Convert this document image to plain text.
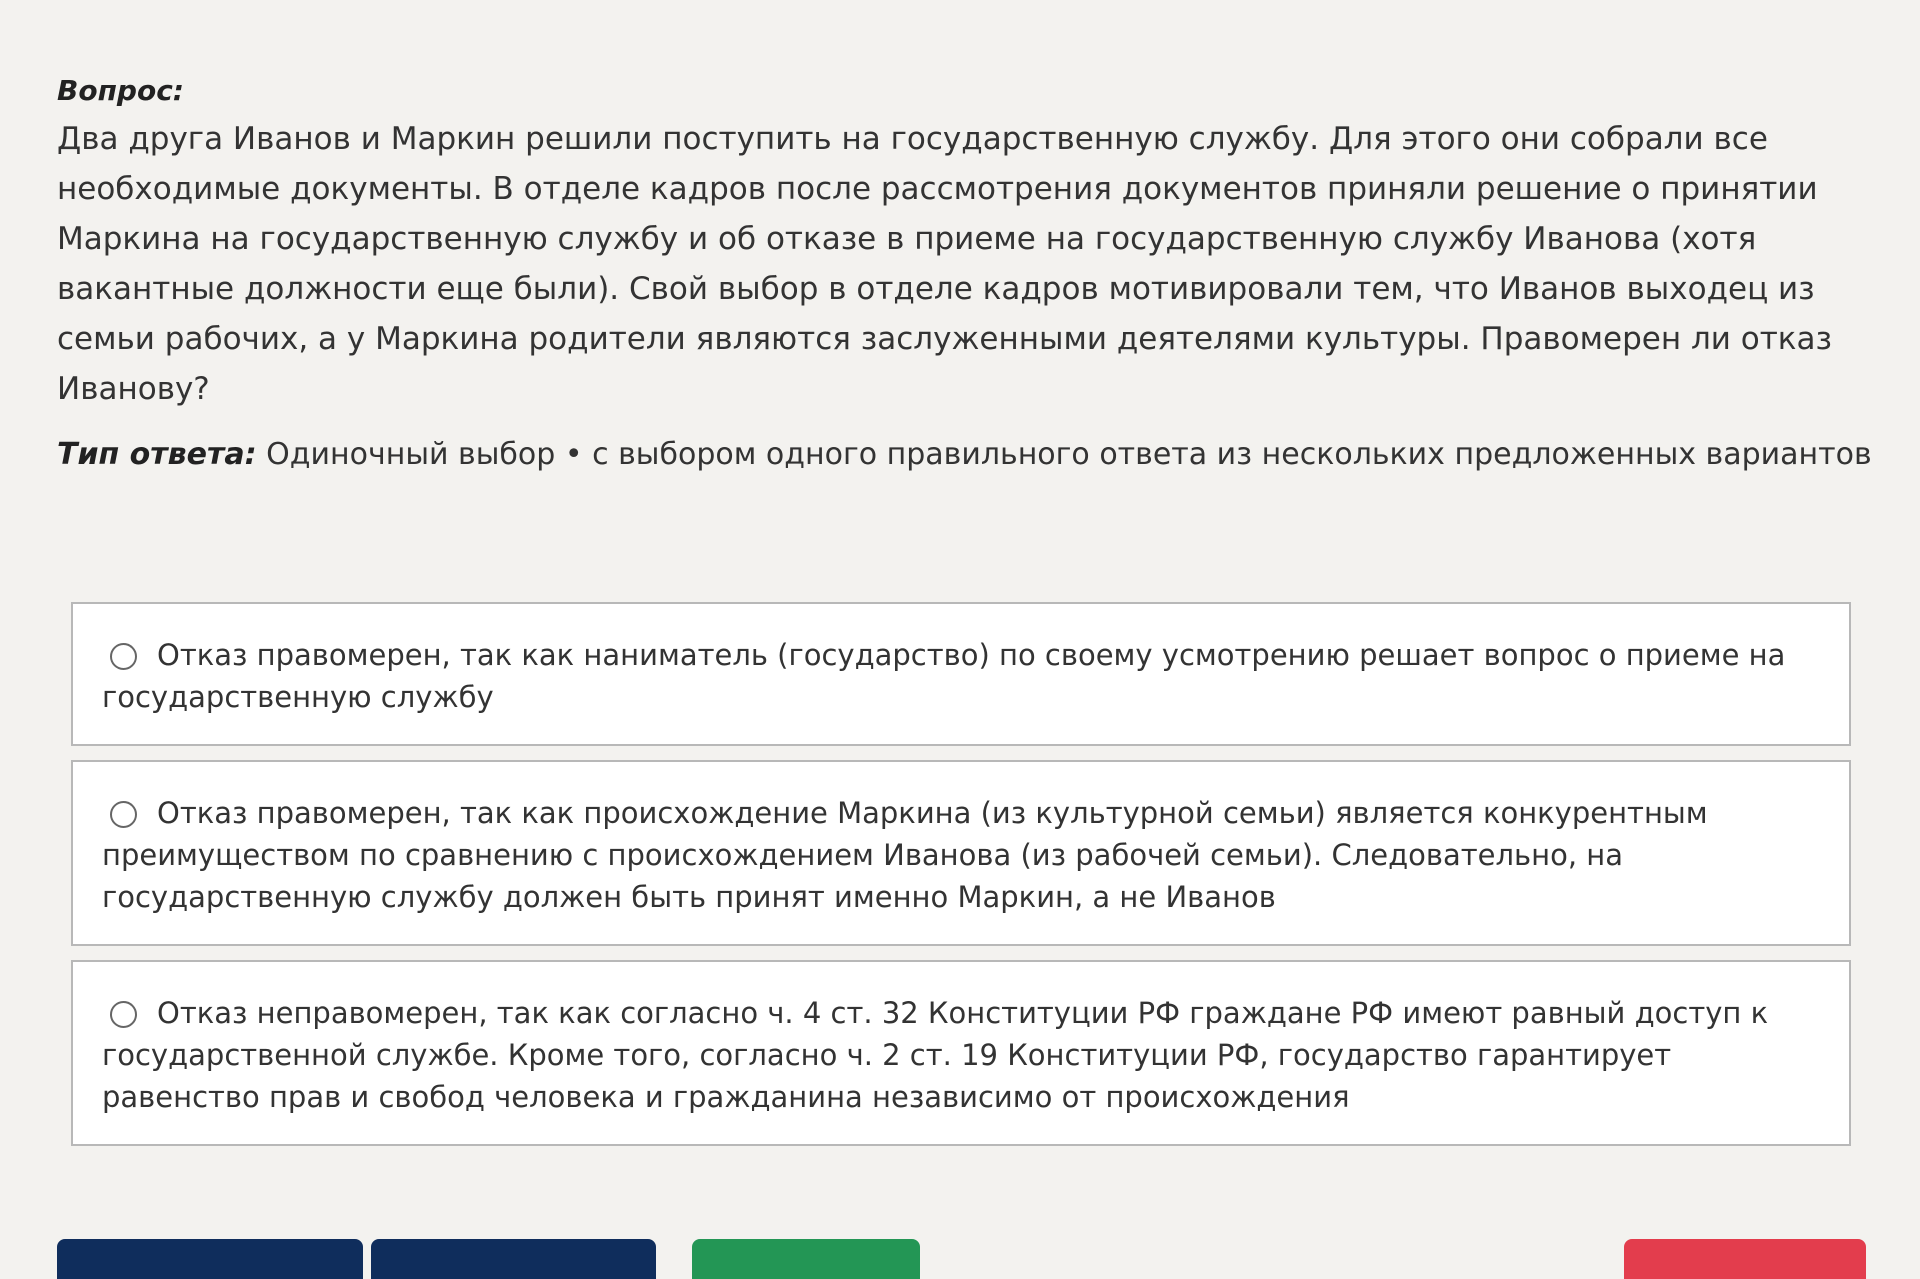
Вопрос:

Два друга Иванов и Маркин решили поступить на государственную службу. Для этого они собрали все необходимые документы. В отделе кадров после рассмотрения документов приняли решение о принятии Маркина на государственную службу и об отказе в приеме на государственную службу Иванова (хотя вакантные должности еще были). Свой выбор в отделе кадров мотивировали тем, что Иванов выходец из семьи рабочих, а у Маркина родители являются заслуженными деятелями культуры. Правомерен ли отказ Иванову?

Тип ответа: Одиночный выбор • с выбором одного правильного ответа из нескольких предложенных вариантов
Отказ правомерен, так как наниматель (государство) по своему усмотрению решает вопрос о приеме на государственную службу
Отказ правомерен, так как происхождение Маркина (из культурной семьи) является конкурентным преимуществом по сравнению с происхождением Иванова (из рабочей семьи). Следовательно, на государственную службу должен быть принят именно Маркин, а не Иванов
Отказ неправомерен, так как согласно ч. 4 ст. 32 Конституции РФ граждане РФ имеют равный доступ к государственной службе. Кроме того, согласно ч. 2 ст. 19 Конституции РФ, государство гарантирует равенство прав и свобод человека и гражданина независимо от происхождения
